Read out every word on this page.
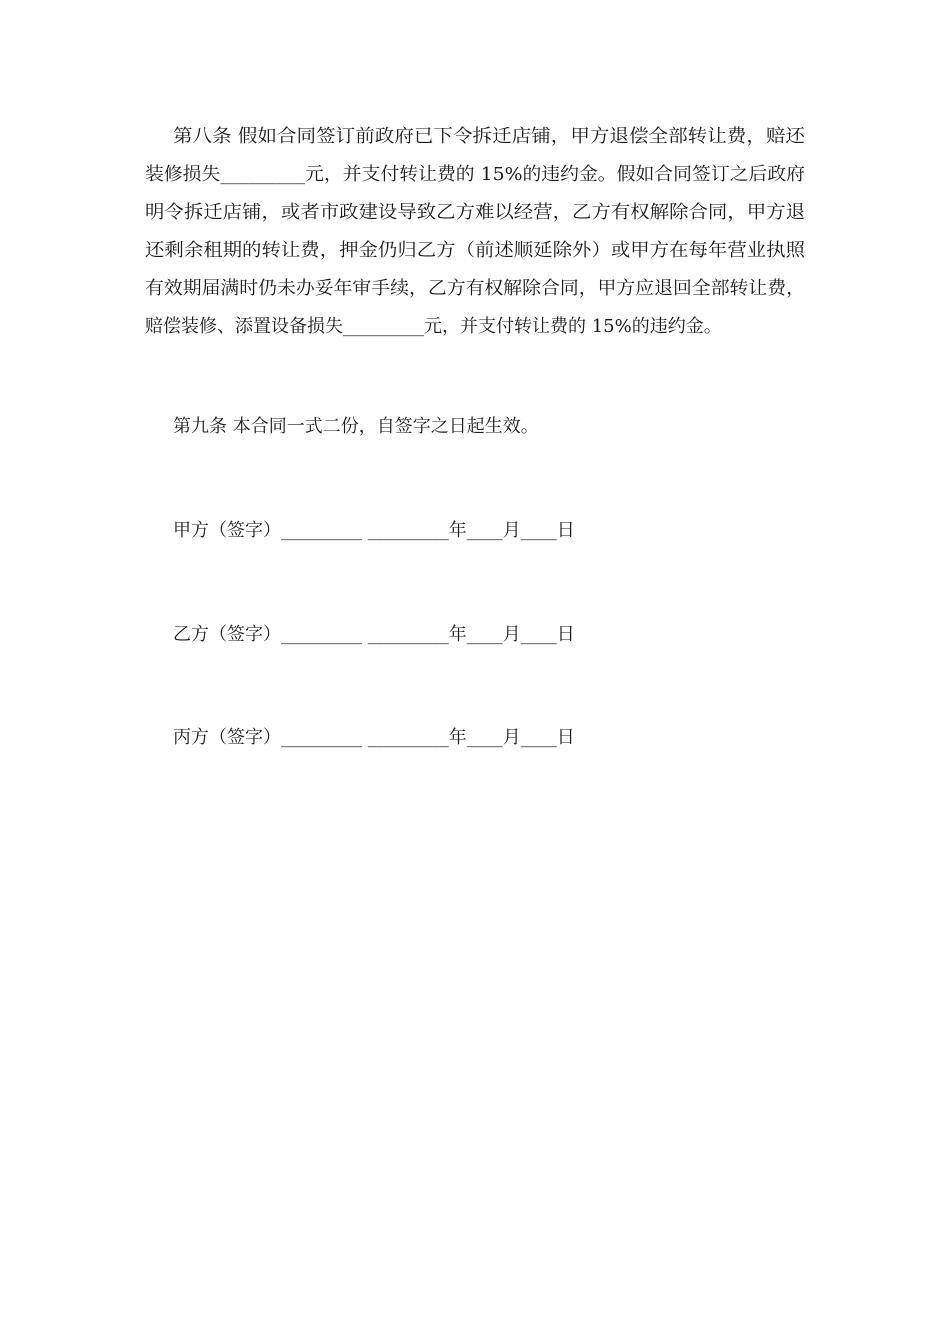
第八条 假如合同签订前政府已下令拆迁店铺，甲方退偿全部转让费，赔还
装修损失_________元，并支付转让费的 15%的违约金。假如合同签订之后政府
明令拆迁店铺，或者市政建设导致乙方难以经营，乙方有权解除合同，甲方退
还剩余租期的转让费，押金仍归乙方（前述顺延除外）或甲方在每年营业执照
有效期届满时仍未办妥年审手续，乙方有权解除合同，甲方应退回全部转让费，
赔偿装修、添置设备损失_________元，并支付转让费的 15%的违约金。
第九条 本合同一式二份，自签字之日起生效。
甲方（签字）_________ _________年____月____日
乙方（签字）_________ _________年____月____日
丙方（签字）_________ _________年____月____日
